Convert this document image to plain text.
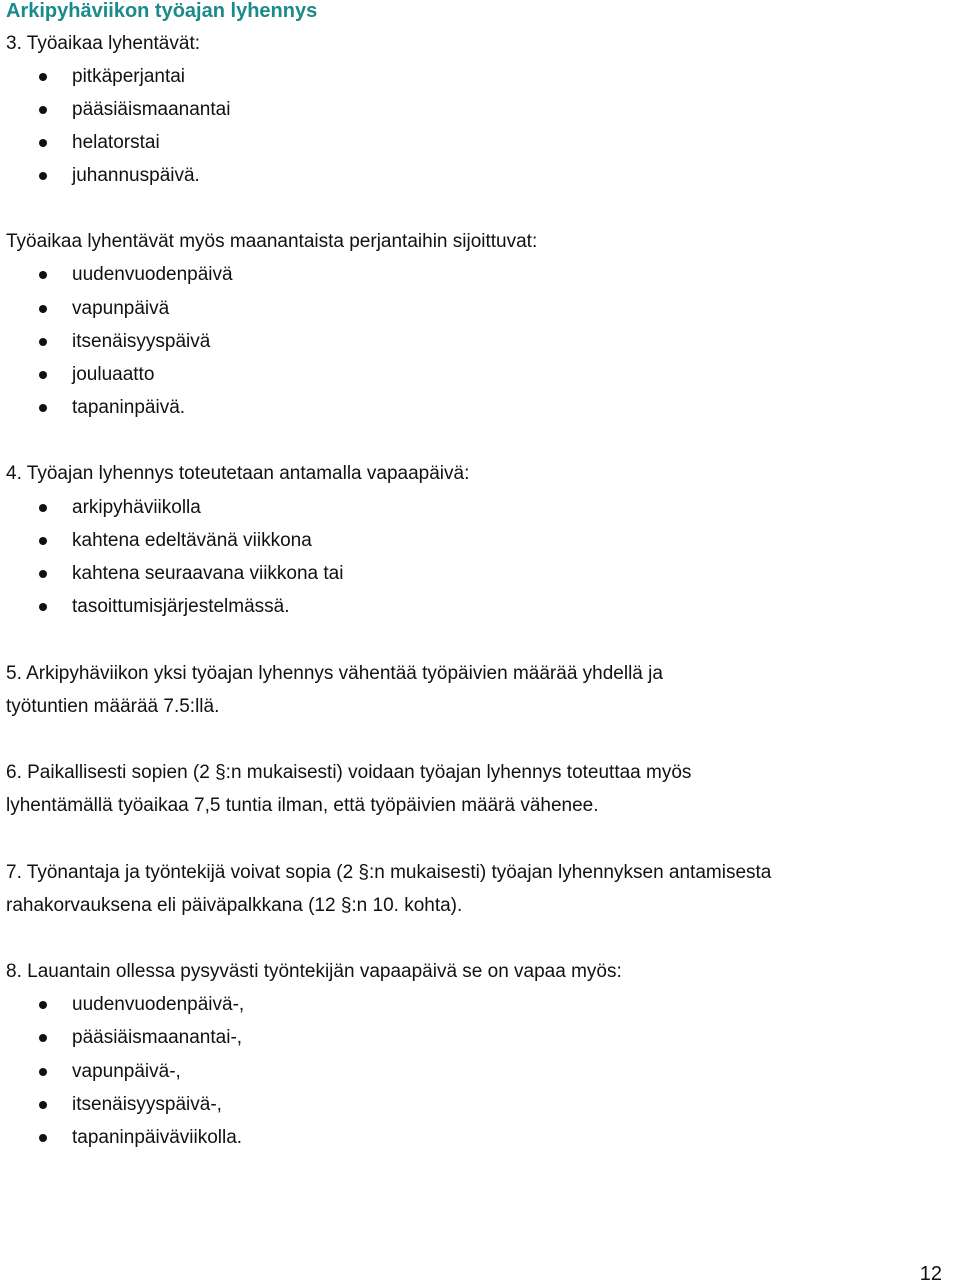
Arkipyhäviikon työajan lyhennys
3. Työaikaa lyhentävät:
pitkäperjantai
pääsiäismaanantai
helatorstai
juhannuspäivä.
Työaikaa lyhentävät myös maanantaista perjantaihin sijoittuvat:
uudenvuodenpäivä
vapunpäivä
itsenäisyyspäivä
jouluaatto
tapaninpäivä.
4. Työajan lyhennys toteutetaan antamalla vapaapäivä:
arkipyhäviikolla
kahtena edeltävänä viikkona
kahtena seuraavana viikkona tai
tasoittumisjärjestelmässä.
5. Arkipyhäviikon yksi työajan lyhennys vähentää työpäivien määrää yhdellä ja
työtuntien määrää 7.5:llä.
6. Paikallisesti sopien (2 §:n mukaisesti) voidaan työajan lyhennys toteuttaa myös
lyhentämällä työaikaa 7,5 tuntia ilman, että työpäivien määrä vähenee.
7. Työnantaja ja työntekijä voivat sopia (2 §:n mukaisesti) työajan lyhennyksen antamisesta
rahakorvauksena eli päiväpalkkana (12 §:n 10. kohta).
8. Lauantain ollessa pysyvästi työntekijän vapaapäivä se on vapaa myös:
uudenvuodenpäivä-,
pääsiäismaanantai-,
vapunpäivä-,
itsenäisyyspäivä-,
tapaninpäiväviikolla.
12
